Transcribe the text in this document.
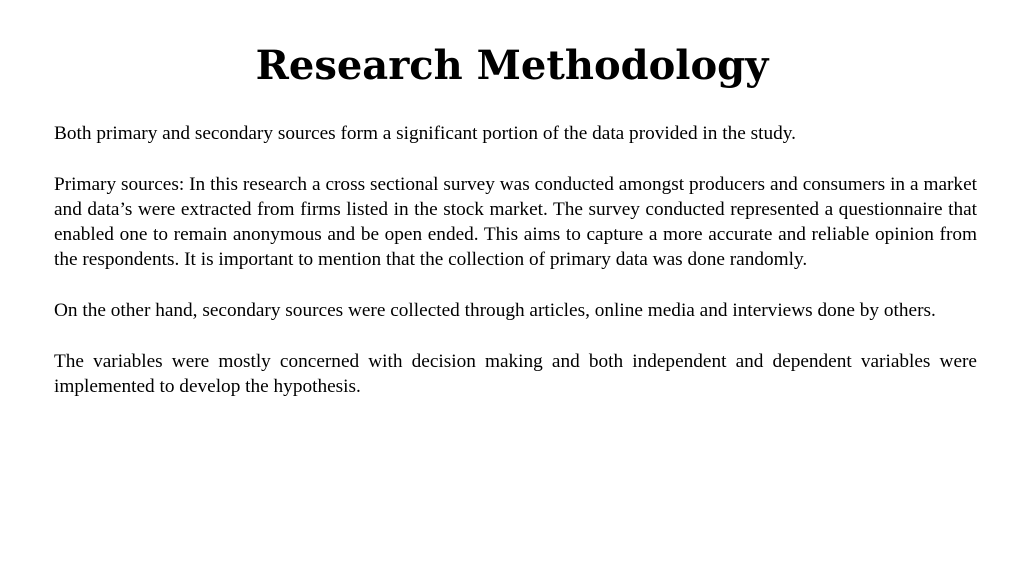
Research Methodology

Both primary and secondary sources form a significant portion of the data provided in the study.

Primary sources: In this research a cross sectional survey was conducted amongst producers and consumers in a market and data’s were extracted from firms listed in the stock market. The survey conducted represented a questionnaire that enabled one to remain anonymous and be open ended. This aims to capture a more accurate and reliable opinion from the respondents. It is important to mention that the collection of primary data was done randomly.

On the other hand, secondary sources were collected through articles, online media and interviews done by others.

The variables were mostly concerned with decision making and both independent and dependent variables were implemented to develop the hypothesis.
